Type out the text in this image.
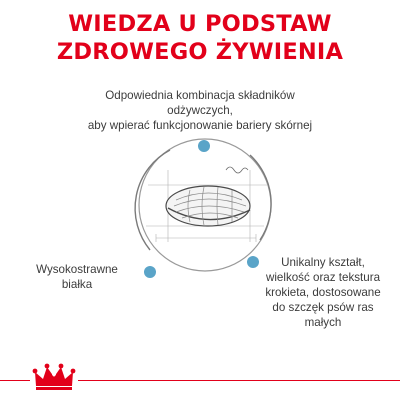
WIEDZA U PODSTAW
ZDROWEGO ŻYWIENIA
Odpowiednia kombinacja składników
odżywczych,
aby wpierać funkcjonowanie bariery skórnej
Wysokostrawne
białka
Unikalny kształt,
wielkość oraz tekstura
krokieta, dostosowane
do szczęk psów ras
małych
